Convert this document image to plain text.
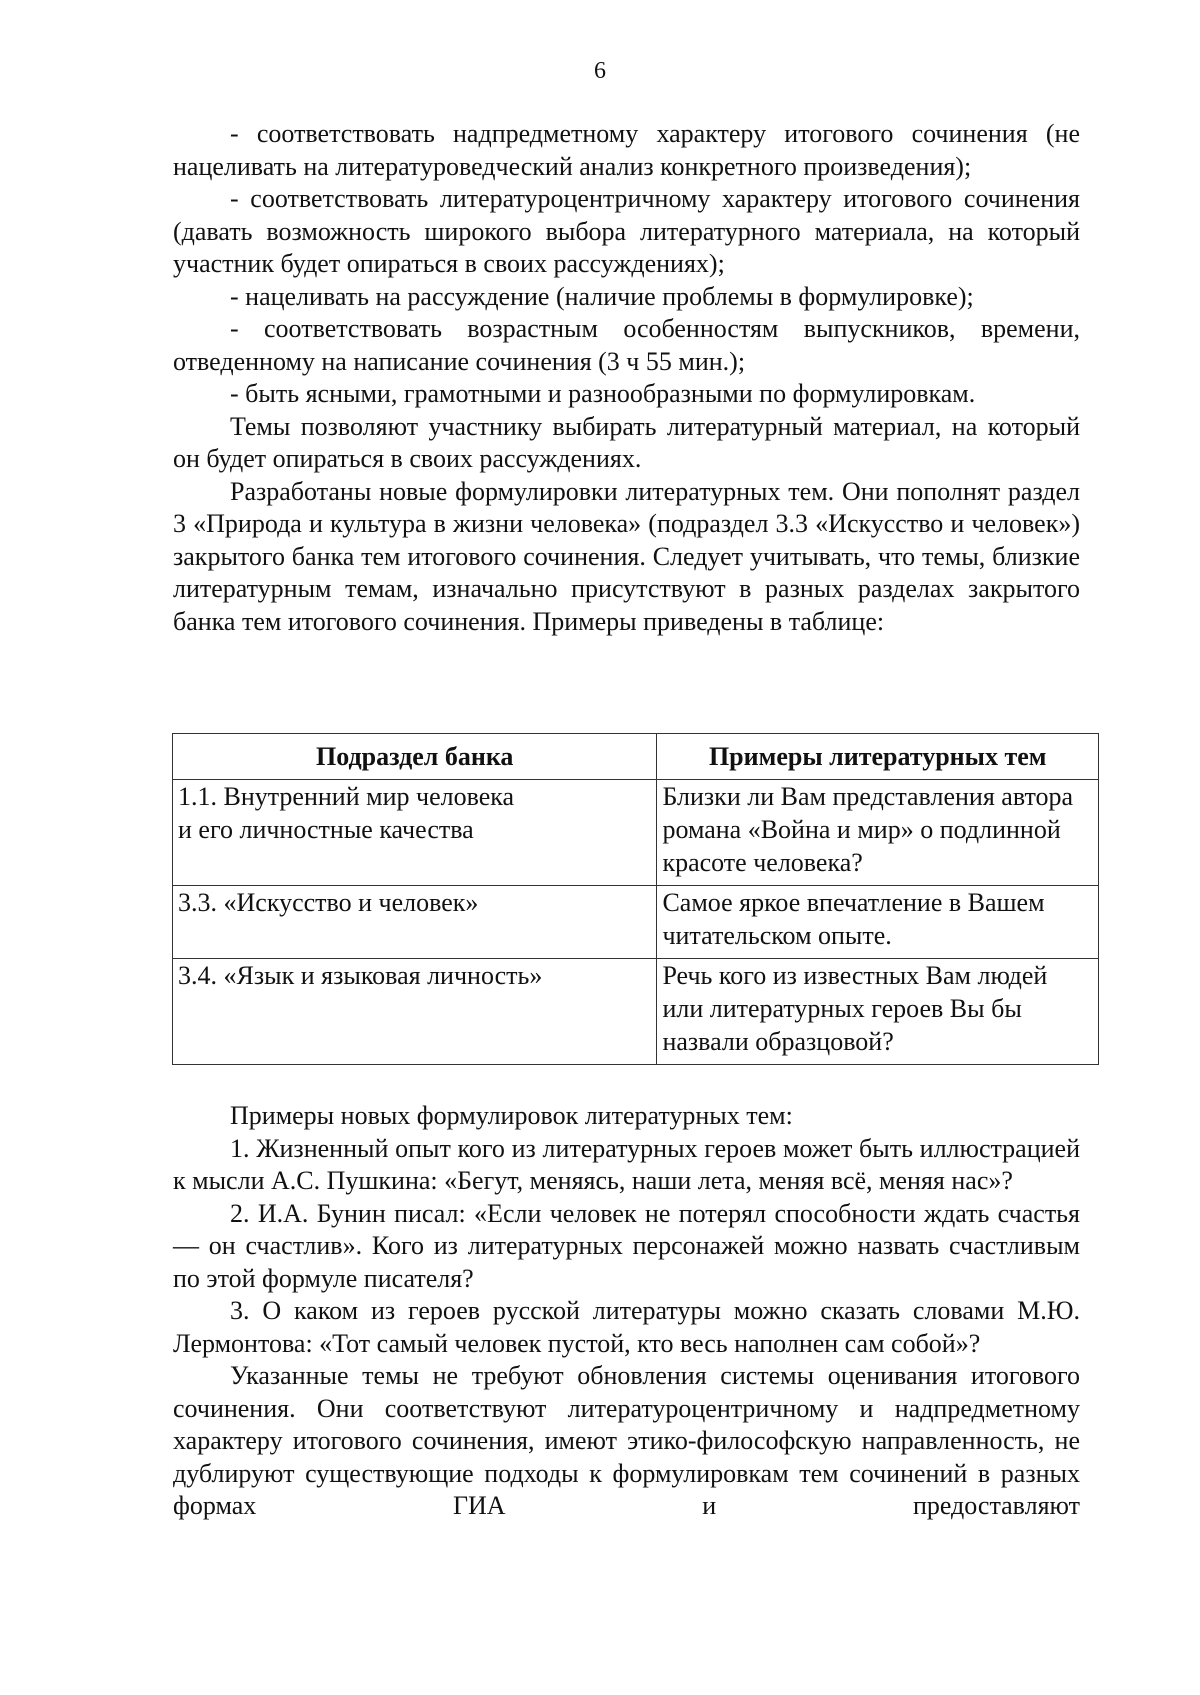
6

- соответствовать надпредметному характеру итогового сочинения (не нацеливать на литературоведческий анализ конкретного произведения);

- соответствовать литературоцентричному характеру итогового сочинения (давать возможность широкого выбора литературного материала, на который участник будет опираться в своих рассуждениях);

- нацеливать на рассуждение (наличие проблемы в формулировке);

- соответствовать возрастным особенностям выпускников, времени, отведенному на написание сочинения (3 ч 55 мин.);

- быть ясными, грамотными и разнообразными по формулировкам.

Темы позволяют участнику выбирать литературный материал, на который он будет опираться в своих рассуждениях.

Разработаны новые формулировки литературных тем. Они пополнят раздел 3 «Природа и культура в жизни человека» (подраздел 3.3 «Искусство и человек») закрытого банка тем итогового сочинения. Следует учитывать, что темы, близкие литературным темам, изначально присутствуют в разных разделах закрытого банка тем итогового сочинения. Примеры приведены в таблице:

Подраздел банка	Примеры литературных тем

1.1. Внутренний мир человека
и его личностные качества	Близки ли Вам представления автора романа «Война и мир» о подлинной красоте человека?

3.3. «Искусство и человек»	Самое яркое впечатление в Вашем читательском опыте.

3.4. «Язык и языковая личность»	Речь кого из известных Вам людей или литературных героев Вы бы назвали образцовой?

Примеры новых формулировок литературных тем:

1. Жизненный опыт кого из литературных героев может быть иллюстрацией к мысли А.С. Пушкина: «Бегут, меняясь, наши лета, меняя всё, меняя нас»?

2. И.А. Бунин писал: «Если человек не потерял способности ждать счастья — он счастлив». Кого из литературных персонажей можно назвать счастливым по этой формуле писателя?

3. О каком из героев русской литературы можно сказать словами М.Ю. Лермонтова: «Тот самый человек пустой, кто весь наполнен сам собой»?

Указанные темы не требуют обновления системы оценивания итогового сочинения. Они соответствуют литературоцентричному и надпредметному характеру итогового сочинения, имеют этико-философскую направленность, не дублируют существующие подходы к формулировкам тем сочинений в разных формах ГИА и предоставляют
